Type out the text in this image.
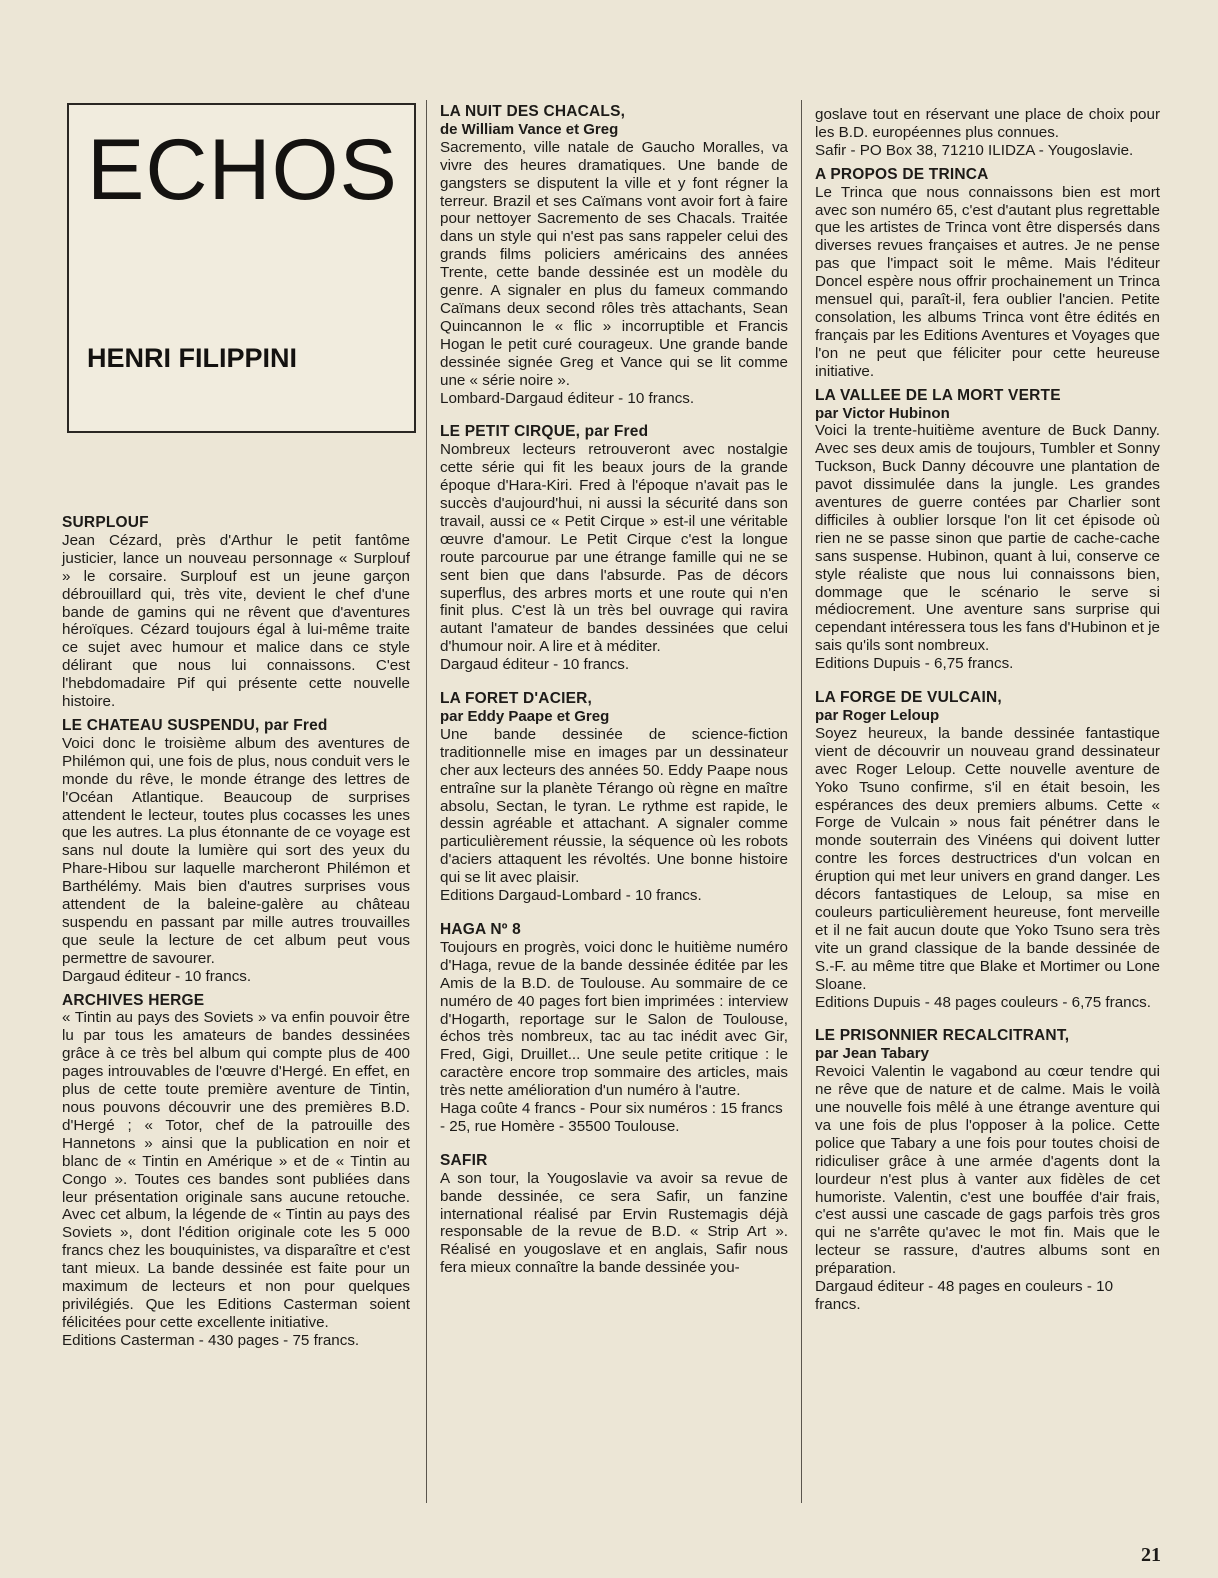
ECHOS
HENRI FILIPPINI
SURPLOUF

Jean Cézard, près d'Arthur le petit fantôme justicier, lance un nouveau personnage « Surplouf » le corsaire. Surplouf est un jeune garçon débrouillard qui, très vite, devient le chef d'une bande de gamins qui ne rêvent que d'aventures héroïques. Cézard toujours égal à lui-même traite ce sujet avec humour et malice dans ce style délirant que nous lui connaissons. C'est l'hebdomadaire Pif qui présente cette nouvelle histoire.

LE CHATEAU SUSPENDU, par Fred

Voici donc le troisième album des aventures de Philémon qui, une fois de plus, nous conduit vers le monde du rêve, le monde étrange des lettres de l'Océan Atlantique. Beaucoup de surprises attendent le lecteur, toutes plus cocasses les unes que les autres. La plus étonnante de ce voyage est sans nul doute la lumière qui sort des yeux du Phare-Hibou sur laquelle marcheront Philémon et Barthélémy. Mais bien d'autres surprises vous attendent de la baleine-galère au château suspendu en passant par mille autres trouvailles que seule la lecture de cet album peut vous permettre de savourer.

Dargaud éditeur - 10 francs.

ARCHIVES HERGE

« Tintin au pays des Soviets » va enfin pouvoir être lu par tous les amateurs de bandes dessinées grâce à ce très bel album qui compte plus de 400 pages introuvables de l'œuvre d'Hergé. En effet, en plus de cette toute première aventure de Tintin, nous pouvons découvrir une des premières B.D. d'Hergé ; « Totor, chef de la patrouille des Hannetons » ainsi que la publication en noir et blanc de « Tintin en Amérique » et de « Tintin au Congo ». Toutes ces bandes sont publiées dans leur présentation originale sans aucune retouche. Avec cet album, la légende de « Tintin au pays des Soviets », dont l'édition originale cote les 5 000 francs chez les bouquinistes, va disparaître et c'est tant mieux. La bande dessinée est faite pour un maximum de lecteurs et non pour quelques privilégiés. Que les Editions Casterman soient félicitées pour cette excellente initiative.

Editions Casterman - 430 pages - 75 francs.

LA NUIT DES CHACALS,
de William Vance et Greg

Sacremento, ville natale de Gaucho Moralles, va vivre des heures dramatiques. Une bande de gangsters se disputent la ville et y font régner la terreur. Brazil et ses Caïmans vont avoir fort à faire pour nettoyer Sacremento de ses Chacals. Traitée dans un style qui n'est pas sans rappeler celui des grands films policiers américains des années Trente, cette bande dessinée est un modèle du genre. A signaler en plus du fameux commando Caïmans deux second rôles très attachants, Sean Quincannon le « flic » incorruptible et Francis Hogan le petit curé courageux. Une grande bande dessinée signée Greg et Vance qui se lit comme une « série noire ».

Lombard-Dargaud éditeur - 10 francs.

LE PETIT CIRQUE, par Fred

Nombreux lecteurs retrouveront avec nostalgie cette série qui fit les beaux jours de la grande époque d'Hara-Kiri. Fred à l'époque n'avait pas le succès d'aujourd'hui, ni aussi la sécurité dans son travail, aussi ce « Petit Cirque » est-il une véritable œuvre d'amour. Le Petit Cirque c'est la longue route parcourue par une étrange famille qui ne se sent bien que dans l'absurde. Pas de décors superflus, des arbres morts et une route qui n'en finit plus. C'est là un très bel ouvrage qui ravira autant l'amateur de bandes dessinées que celui d'humour noir. A lire et à méditer.

Dargaud éditeur - 10 francs.

LA FORET D'ACIER,
par Eddy Paape et Greg

Une bande dessinée de science-fiction traditionnelle mise en images par un dessinateur cher aux lecteurs des années 50. Eddy Paape nous entraîne sur la planète Térango où règne en maître absolu, Sectan, le tyran. Le rythme est rapide, le dessin agréable et attachant. A signaler comme particulièrement réussie, la séquence où les robots d'aciers attaquent les révoltés. Une bonne histoire qui se lit avec plaisir.

Editions Dargaud-Lombard - 10 francs.

HAGA Nº 8

Toujours en progrès, voici donc le huitième numéro d'Haga, revue de la bande dessinée éditée par les Amis de la B.D. de Toulouse. Au sommaire de ce numéro de 40 pages fort bien imprimées : interview d'Hogarth, reportage sur le Salon de Toulouse, échos très nombreux, tac au tac inédit avec Gir, Fred, Gigi, Druillet... Une seule petite critique : le caractère encore trop sommaire des articles, mais très nette amélioration d'un numéro à l'autre.

Haga coûte 4 francs - Pour six numéros : 15 francs - 25, rue Homère - 35500 Toulouse.

SAFIR

A son tour, la Yougoslavie va avoir sa revue de bande dessinée, ce sera Safir, un fanzine international réalisé par Ervin Rustemagis déjà responsable de la revue de B.D. « Strip Art ». Réalisé en yougoslave et en anglais, Safir nous fera mieux connaître la bande dessinée you-

goslave tout en réservant une place de choix pour les B.D. européennes plus connues.

Safir - PO Box 38, 71210 ILIDZA - Yougoslavie.

A PROPOS DE TRINCA

Le Trinca que nous connaissons bien est mort avec son numéro 65, c'est d'autant plus regrettable que les artistes de Trinca vont être dispersés dans diverses revues françaises et autres. Je ne pense pas que l'impact soit le même. Mais l'éditeur Doncel espère nous offrir prochainement un Trinca mensuel qui, paraît-il, fera oublier l'ancien. Petite consolation, les albums Trinca vont être édités en français par les Editions Aventures et Voyages que l'on ne peut que féliciter pour cette heureuse initiative.

LA VALLEE DE LA MORT VERTE
par Victor Hubinon

Voici la trente-huitième aventure de Buck Danny. Avec ses deux amis de toujours, Tumbler et Sonny Tuckson, Buck Danny découvre une plantation de pavot dissimulée dans la jungle. Les grandes aventures de guerre contées par Charlier sont difficiles à oublier lorsque l'on lit cet épisode où rien ne se passe sinon que partie de cache-cache sans suspense. Hubinon, quant à lui, conserve ce style réaliste que nous lui connaissons bien, dommage que le scénario le serve si médiocrement. Une aventure sans surprise qui cependant intéressera tous les fans d'Hubinon et je sais qu'ils sont nombreux.

Editions Dupuis - 6,75 francs.

LA FORGE DE VULCAIN,
par Roger Leloup

Soyez heureux, la bande dessinée fantastique vient de découvrir un nouveau grand dessinateur avec Roger Leloup. Cette nouvelle aventure de Yoko Tsuno confirme, s'il en était besoin, les espérances des deux premiers albums. Cette « Forge de Vulcain » nous fait pénétrer dans le monde souterrain des Vinéens qui doivent lutter contre les forces destructrices d'un volcan en éruption qui met leur univers en grand danger. Les décors fantastiques de Leloup, sa mise en couleurs particulièrement heureuse, font merveille et il ne fait aucun doute que Yoko Tsuno sera très vite un grand classique de la bande dessinée de S.-F. au même titre que Blake et Mortimer ou Lone Sloane.

Editions Dupuis - 48 pages couleurs - 6,75 francs.

LE PRISONNIER RECALCITRANT,
par Jean Tabary

Revoici Valentin le vagabond au cœur tendre qui ne rêve que de nature et de calme. Mais le voilà une nouvelle fois mêlé à une étrange aventure qui va une fois de plus l'opposer à la police. Cette police que Tabary a une fois pour toutes choisi de ridiculiser grâce à une armée d'agents dont la lourdeur n'est plus à vanter aux fidèles de cet humoriste. Valentin, c'est une bouffée d'air frais, c'est aussi une cascade de gags parfois très gros qui ne s'arrête qu'avec le mot fin. Mais que le lecteur se rassure, d'autres albums sont en préparation.

Dargaud éditeur - 48 pages en couleurs - 10 francs.

21
